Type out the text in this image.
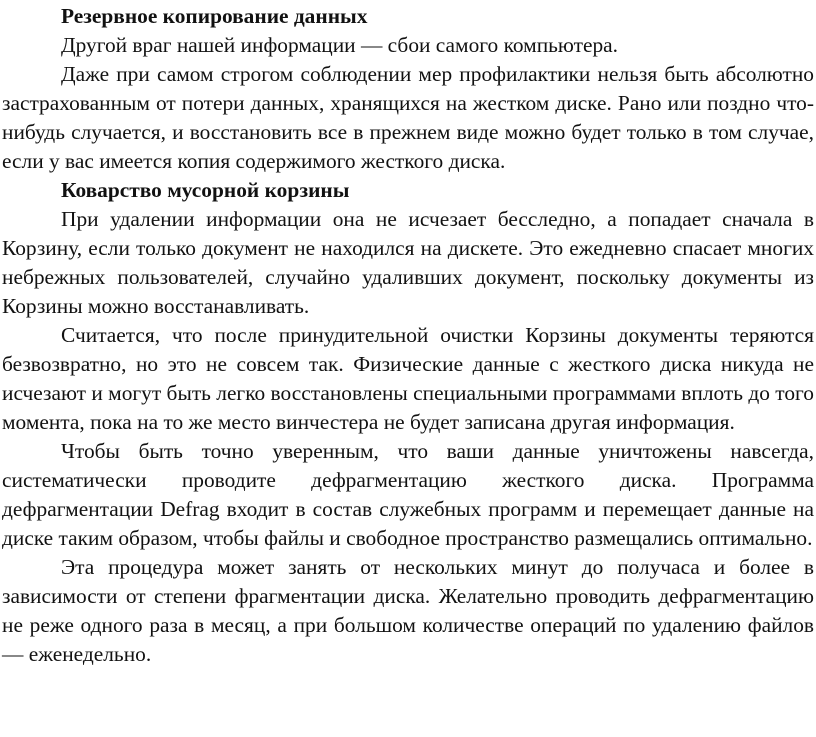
Резервное копирование данных

Другой враг нашей информации — сбои самого компьютера.

Даже при самом строгом соблюдении мер профилактики нельзя быть абсолютно застрахованным от потери данных, хранящихся на жестком диске. Рано или поздно что-нибудь случается, и восстановить все в прежнем виде можно будет только в том случае, если у вас имеется копия содержимого жесткого диска.

Коварство мусорной корзины

При удалении информации она не исчезает бесследно, а попадает сначала в Корзину, если только документ не находился на дискете. Это ежедневно спасает многих небрежных пользователей, случайно удаливших документ, поскольку документы из Корзины можно восстанавливать.

Считается, что после принудительной очистки Корзины документы теряются безвозвратно, но это не совсем так. Физические данные с жесткого диска никуда не исчезают и могут быть легко восстановлены специальными программами вплоть до того момента, пока на то же место винчестера не будет записана другая информация.

Чтобы быть точно уверенным, что ваши данные уничтожены навсегда, систематически проводите дефрагментацию жесткого диска. Программа дефрагментации Defrag входит в состав служебных программ и перемещает данные на диске таким образом, чтобы файлы и свободное пространство размещались оптимально.

Эта процедура может занять от нескольких минут до получаса и более в зависимости от степени фрагментации диска. Желательно проводить дефрагментацию не реже одного раза в месяц, а при большом количестве операций по удалению файлов — еженедельно.
